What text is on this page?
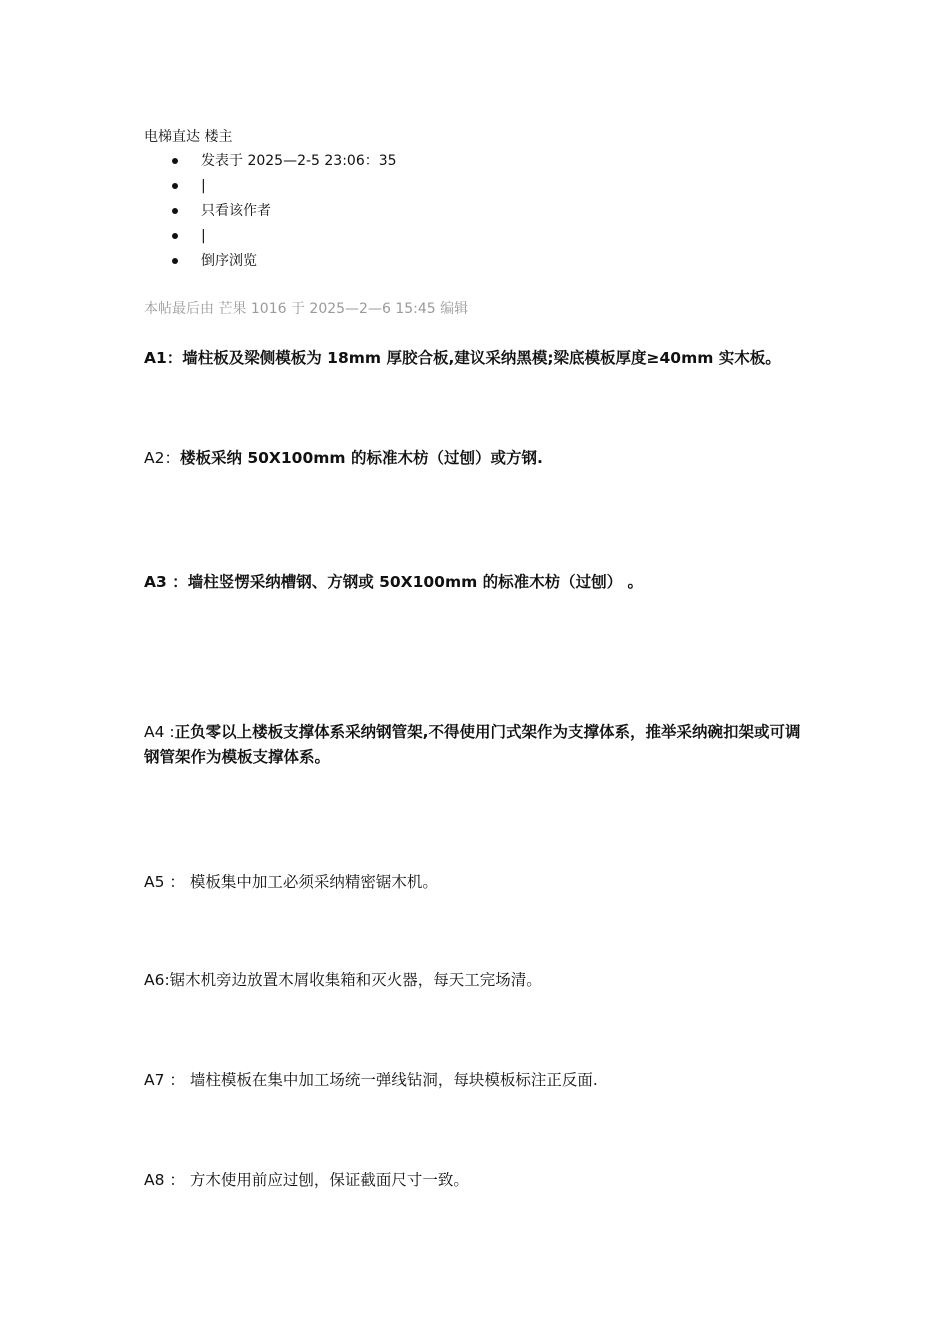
电梯直达 楼主
发表于 2025—2-5 23:06：35
|
只看该作者
|
倒序浏览
本帖最后由 芒果 1016 于 2025—2—6 15:45 编辑

A1：墙柱板及梁侧模板为 18mm 厚胶合板,建议采纳黑模;梁底模板厚度≥40mm 实木板。

A2：楼板采纳 50X100mm 的标准木枋（过刨）或方钢.

A3 ：墙柱竖愣采纳槽钢、方钢或 50X100mm 的标准木枋（过刨） 。

A4 :正负零以上楼板支撑体系采纳钢管架,不得使用门式架作为支撑体系，推举采纳碗扣架或可调钢管架作为模板支撑体系。

A5 ： 模板集中加工必须采纳精密锯木机。

A6:锯木机旁边放置木屑收集箱和灭火器，每天工完场清。

A7 ： 墙柱模板在集中加工场统一弹线钻洞，每块模板标注正反面.

A8 ： 方木使用前应过刨，保证截面尺寸一致。
